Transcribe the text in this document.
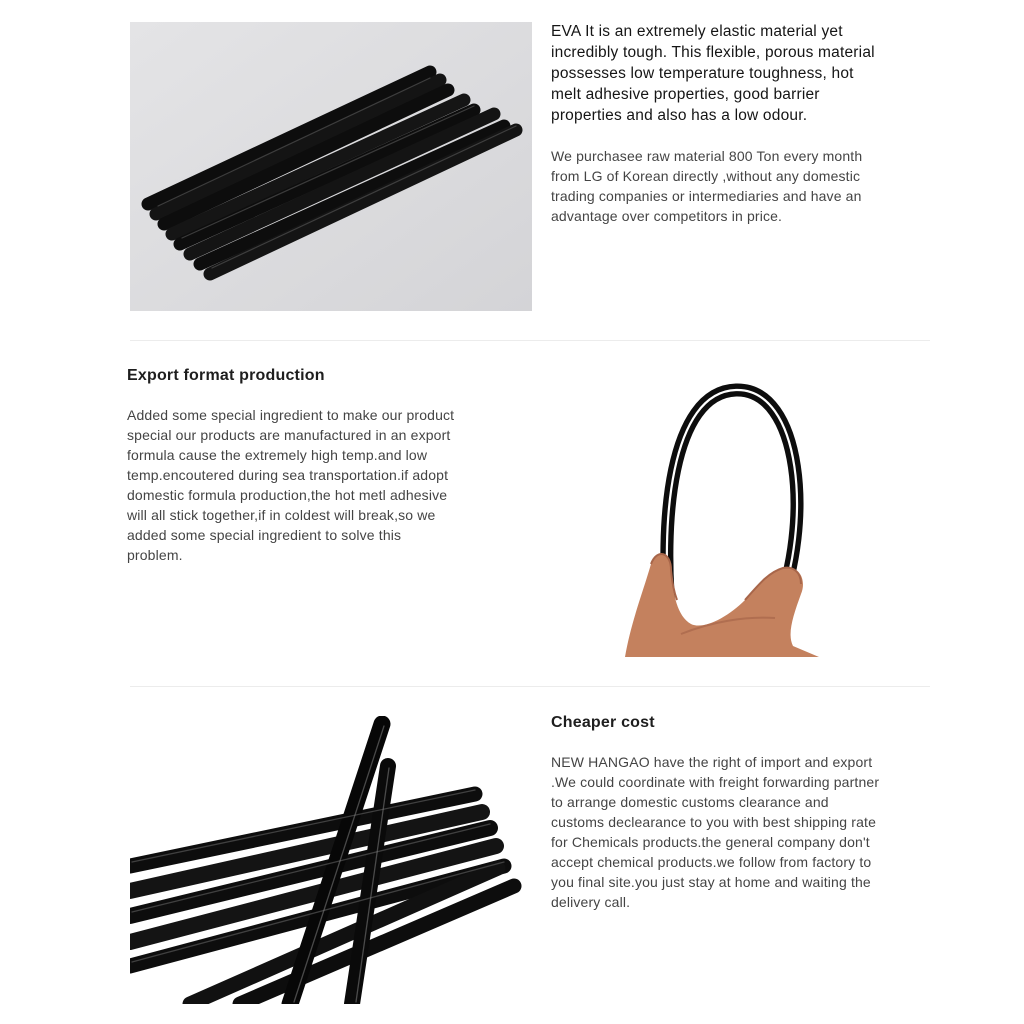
EVA It is an extremely elastic material yet
incredibly tough. This flexible, porous material
possesses low temperature toughness, hot
melt adhesive properties, good barrier
properties and also has a low odour.

We purchasee raw material 800 Ton every month
from LG of Korean directly ,without any domestic
trading companies or intermediaries and have an
advantage over competitors in price.

Export format production

Added some special ingredient to make our product
special our products are manufactured in an export
formula cause the extremely high temp.and low
temp.encoutered during sea transportation.if adopt
domestic formula production,the hot metl adhesive
will all stick together,if in coldest will break,so we
added some special ingredient to solve this
problem.

Cheaper cost

NEW HANGAO have the right of import and export
.We could coordinate with freight forwarding partner
to arrange domestic customs clearance and
customs declearance to you with best shipping rate
for Chemicals products.the general company don't
accept chemical products.we follow from factory to
you final site.you just stay at home and waiting the
delivery call.
